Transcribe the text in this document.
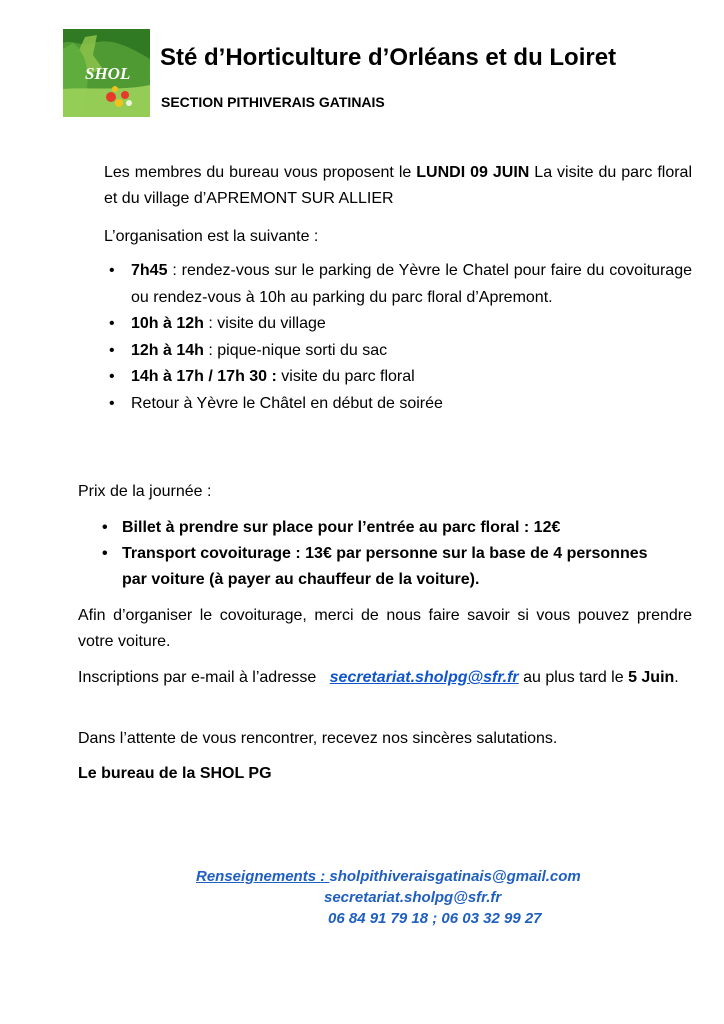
SHOL
Sté d’Horticulture d’Orléans et du Loiret
SECTION PITHIVERAIS GATINAIS

Les membres du bureau vous proposent le LUNDI 09 JUIN La visite du parc floral et du village d’APREMONT SUR ALLIER

L’organisation est la suivante :

• 7h45 : rendez-vous sur le parking de Yèvre le Chatel pour faire du covoiturage ou rendez-vous à 10h au parking du parc floral d’Apremont.
• 10h à 12h : visite du village
• 12h à 14h : pique-nique sorti du sac
• 14h à 17h / 17h 30 : visite du parc floral
• Retour à Yèvre le Châtel en début de soirée

Prix de la journée :

• Billet à prendre sur place pour l’entrée au parc floral : 12€
• Transport covoiturage : 13€ par personne sur la base de 4 personnes par voiture (à payer au chauffeur de la voiture).

Afin d’organiser le covoiturage, merci de nous faire savoir si vous pouvez prendre votre voiture.

Inscriptions par e-mail à l’adresse   secretariat.sholpg@sfr.fr au plus tard le 5 Juin.

Dans l’attente de vous rencontrer, recevez nos sincères salutations.

Le bureau de la SHOL PG

Renseignements : sholpithiveraisgatinais@gmail.com

secretariat.sholpg@sfr.fr

06 84 91 79 18 ; 06 03 32 99 27
